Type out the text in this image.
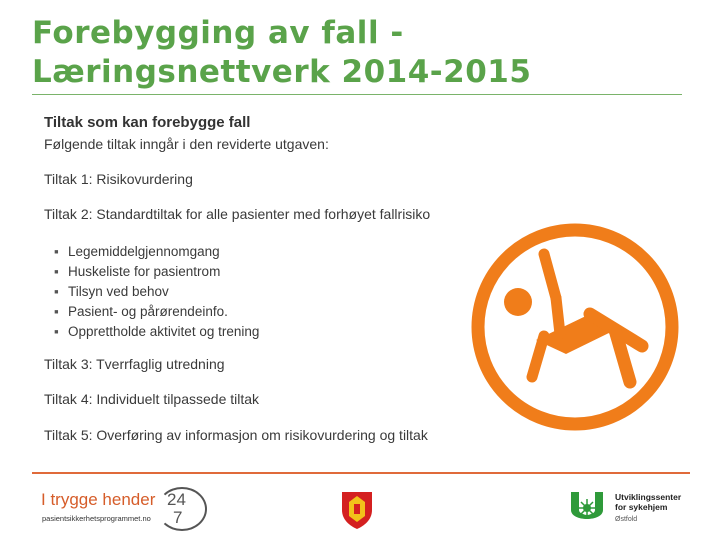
Forebygging av fall -
Læringsnettverk 2014-2015
Tiltak som kan forebygge fall
Følgende tiltak inngår i den reviderte utgaven:
Tiltak 1: Risikovurdering
Tiltak 2: Standardtiltak for alle pasienter med forhøyet fallrisiko
▪ Legemiddelgjennomgang
▪ Huskeliste for pasientrom
▪ Tilsyn ved behov
▪ Pasient- og pårørendeinfo.
▪ Opprettholde aktivitet og trening
Tiltak 3: Tverrfaglig utredning
Tiltak 4: Individuelt tilpassede tiltak
Tiltak 5: Overføring av informasjon om risikovurdering og tiltak
I trygge hender
pasientsikkerhetsprogrammet.no
24
7
Utviklingssenter
for sykehjem
Østfold
